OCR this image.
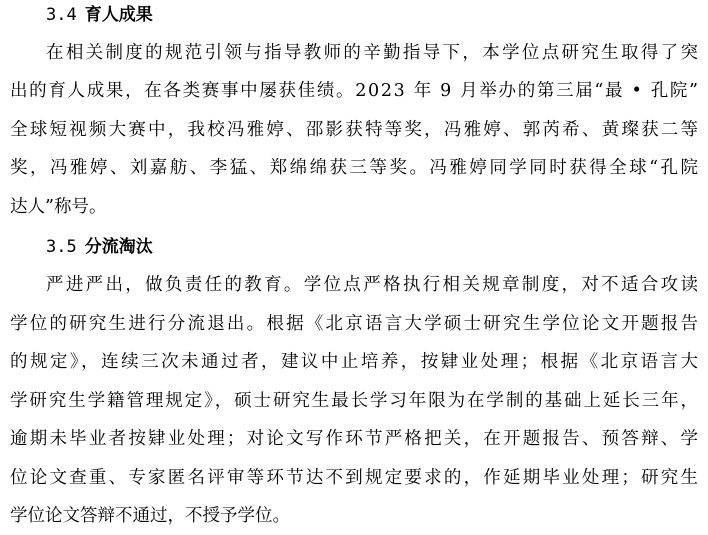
3.4 育人成果

在相关制度的规范引领与指导教师的辛勤指导下，本学位点研究生取得了突

出的育人成果，在各类赛事中屡获佳绩。2023 年 9 月举办的第三届“最 • 孔院”

全球短视频大赛中，我校冯雅婷、邵影获特等奖，冯雅婷、郭芮希、黄璨获二等

奖，冯雅婷、刘嘉舫、李猛、郑绵绵获三等奖。冯雅婷同学同时获得全球“孔院

达人”称号。

3.5 分流淘汰

严进严出，做负责任的教育。学位点严格执行相关规章制度，对不适合攻读

学位的研究生进行分流退出。根据《北京语言大学硕士研究生学位论文开题报告

的规定》，连续三次未通过者，建议中止培养，按肄业处理；根据《北京语言大

学研究生学籍管理规定》，硕士研究生最长学习年限为在学制的基础上延长三年，

逾期未毕业者按肄业处理；对论文写作环节严格把关，在开题报告、预答辩、学

位论文查重、专家匿名评审等环节达不到规定要求的，作延期毕业处理；研究生

学位论文答辩不通过，不授予学位。
